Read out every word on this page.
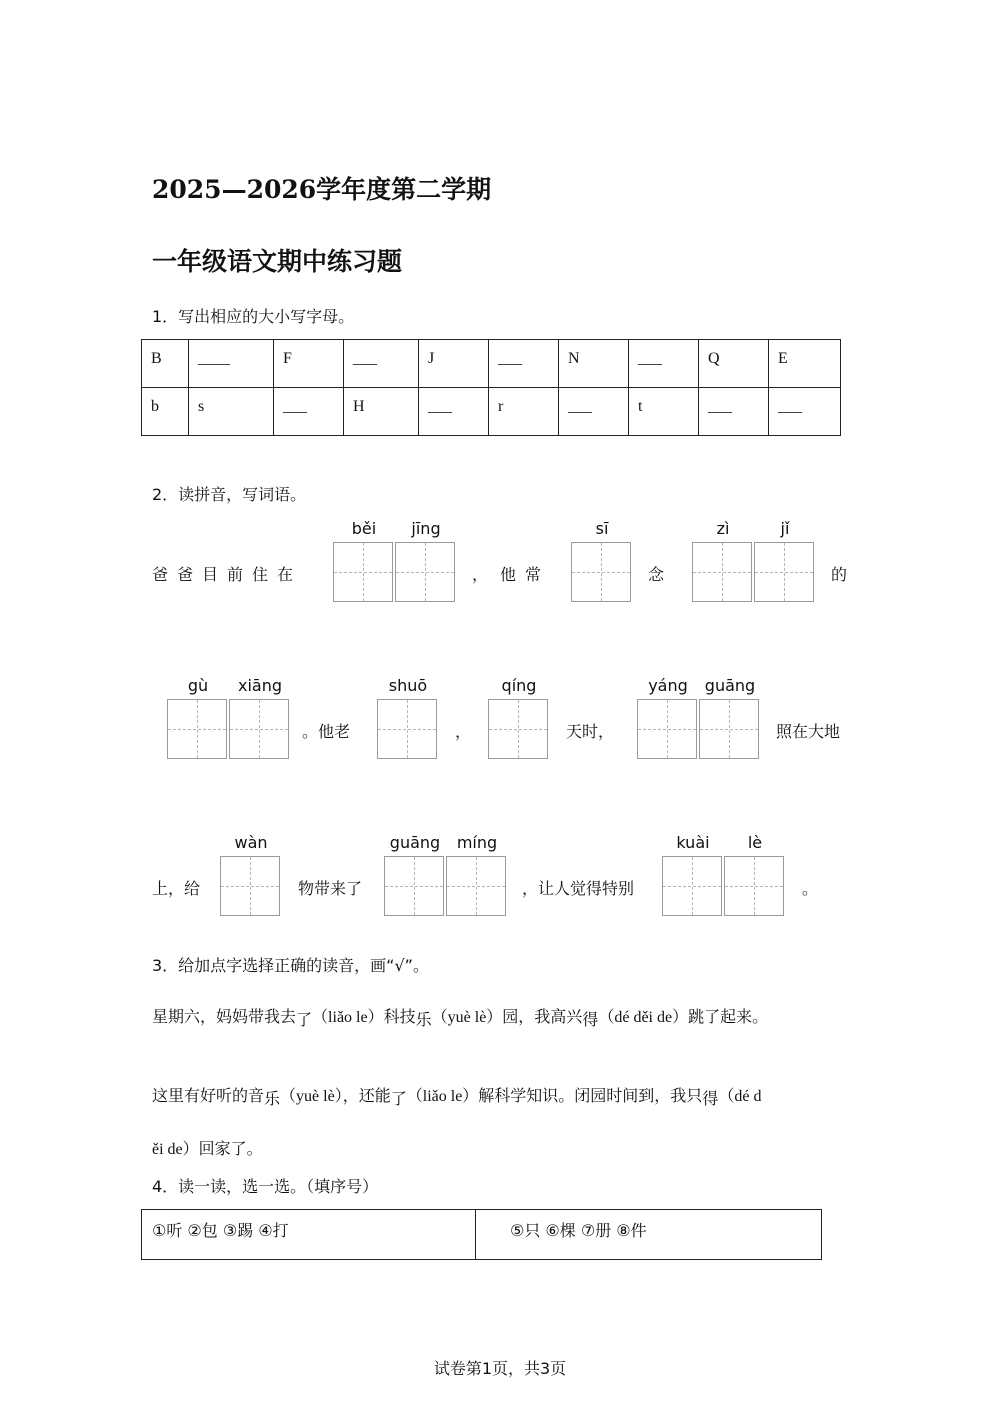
2025—2026学年度第二学期
一年级语文期中练习题
1．写出相应的大小写字母。
B	____	F	___	J	___	N	___	Q	E
b	s	___	H	___	r	___	t	___	___
2．读拼音，写词语。
爸爸目前住在
běi	jīng
， 他常
sī
念
zì	jǐ
的
gù	xiāng
。他老
shuō
，
qíng
天时，
yáng	guāng
照在大地
上，给
wàn
物带来了
guāng	míng
，让人觉得特别
kuài	lè
。
3．给加点字选择正确的读音，画“√”。
星期六，妈妈带我去了（liǎo le）科技乐（yuè lè）园，我高兴得（dé děi de）跳了起来。
这里有好听的音乐（yuè lè），还能了（liǎo le）解科学知识。闭园时间到，我只得（dé d
ěi de）回家了。
4．读一读，选一选。（填序号）
①听 ②包 ③踢 ④打	⑤只 ⑥棵 ⑦册 ⑧件
试卷第1页，共3页
